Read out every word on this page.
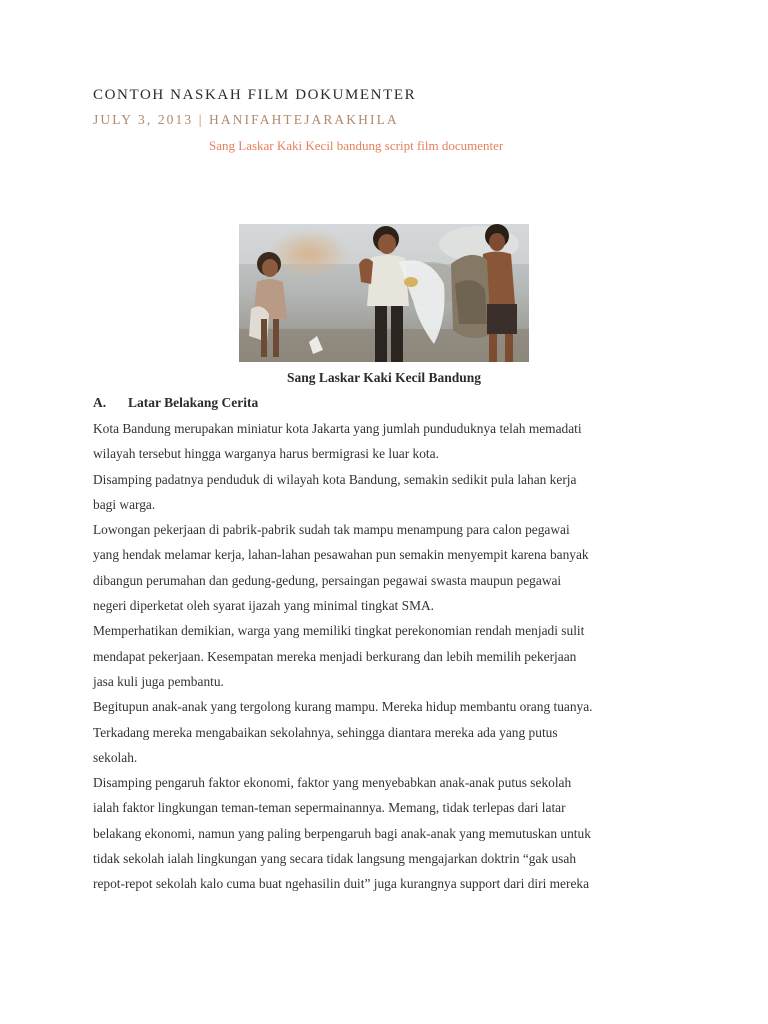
CONTOH NASKAH FILM DOKUMENTER
JULY 3, 2013 | HANIFAHTEJARAKHILA
Sang Laskar Kaki Kecil bandung script film documenter
Sang Laskar Kaki Kecil Bandung
A. Latar Belakang Cerita
Kota Bandung merupakan miniatur kota Jakarta yang jumlah punduduknya telah memadati
wilayah tersebut hingga warganya harus bermigrasi ke luar kota.
Disamping padatnya penduduk di wilayah kota Bandung, semakin sedikit pula lahan kerja
bagi warga.
Lowongan pekerjaan di pabrik-pabrik sudah tak mampu menampung para calon pegawai
yang hendak melamar kerja, lahan-lahan pesawahan pun semakin menyempit karena banyak
dibangun perumahan dan gedung-gedung, persaingan pegawai swasta maupun pegawai
negeri diperketat oleh syarat ijazah yang minimal tingkat SMA.
Memperhatikan demikian, warga yang memiliki tingkat perekonomian rendah menjadi sulit
mendapat pekerjaan. Kesempatan mereka menjadi berkurang dan lebih memilih pekerjaan
jasa kuli juga pembantu.
Begitupun anak-anak yang tergolong kurang mampu. Mereka hidup membantu orang tuanya.
Terkadang mereka mengabaikan sekolahnya, sehingga diantara mereka ada yang putus
sekolah.
Disamping pengaruh faktor ekonomi, faktor yang menyebabkan anak-anak putus sekolah
ialah faktor lingkungan teman-teman sepermainannya. Memang, tidak terlepas dari latar
belakang ekonomi, namun yang paling berpengaruh bagi anak-anak yang memutuskan untuk
tidak sekolah ialah lingkungan yang secara tidak langsung mengajarkan doktrin “gak usah
repot-repot sekolah kalo cuma buat ngehasilin duit” juga kurangnya support dari diri mereka
